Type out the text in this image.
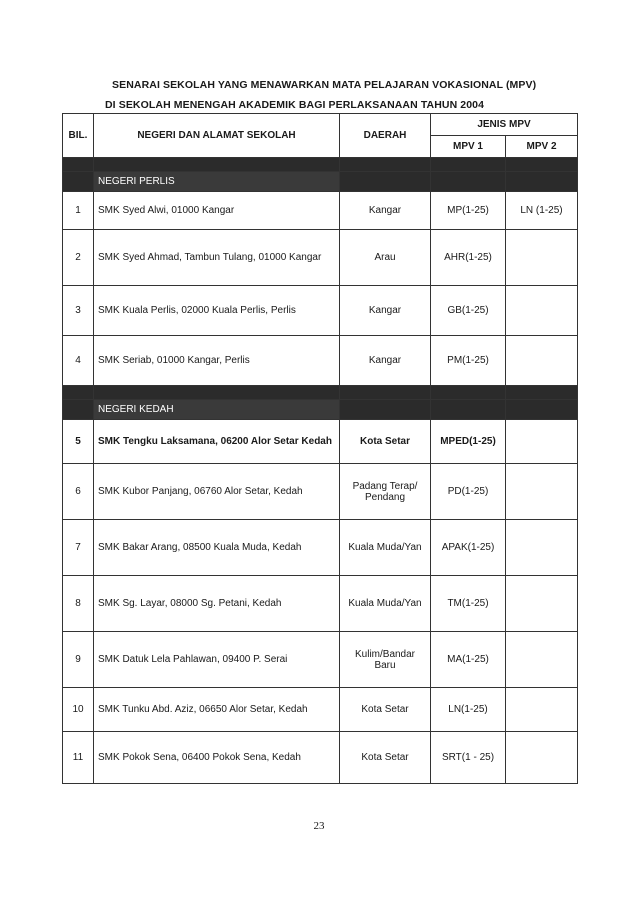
SENARAI SEKOLAH YANG MENAWARKAN MATA PELAJARAN VOKASIONAL (MPV)
DI SEKOLAH MENENGAH AKADEMIK BAGI PERLAKSANAAN TAHUN 2004
BIL.	NEGERI DAN ALAMAT SEKOLAH	DAERAH	JENIS MPV	
			MPV 1	MPV 2

	NEGERI PERLIS			
1	SMK Syed Alwi, 01000 Kangar	Kangar	MP(1-25)	LN (1-25)
2	SMK Syed Ahmad, Tambun Tulang, 01000 Kangar	Arau	AHR(1-25)	
3	SMK Kuala Perlis, 02000 Kuala Perlis, Perlis	Kangar	GB(1-25)	
4	SMK Seriab, 01000 Kangar, Perlis	Kangar	PM(1-25)	

	NEGERI KEDAH			
5	SMK Tengku Laksamana, 06200 Alor Setar Kedah	Kota Setar	MPED(1-25)	
6	SMK Kubor Panjang, 06760 Alor Setar, Kedah	Padang Terap/ Pendang	PD(1-25)	
7	SMK Bakar Arang, 08500 Kuala Muda, Kedah	Kuala Muda/Yan	APAK(1-25)	
8	SMK Sg. Layar, 08000 Sg. Petani, Kedah	Kuala Muda/Yan	TM(1-25)	
9	SMK Datuk Lela Pahlawan, 09400 P. Serai	Kulim/Bandar Baru	MA(1-25)	
10	SMK Tunku Abd. Aziz, 06650 Alor Setar, Kedah	Kota Setar	LN(1-25)	
11	SMK Pokok Sena, 06400 Pokok Sena, Kedah	Kota Setar	SRT(1 - 25)	
23
